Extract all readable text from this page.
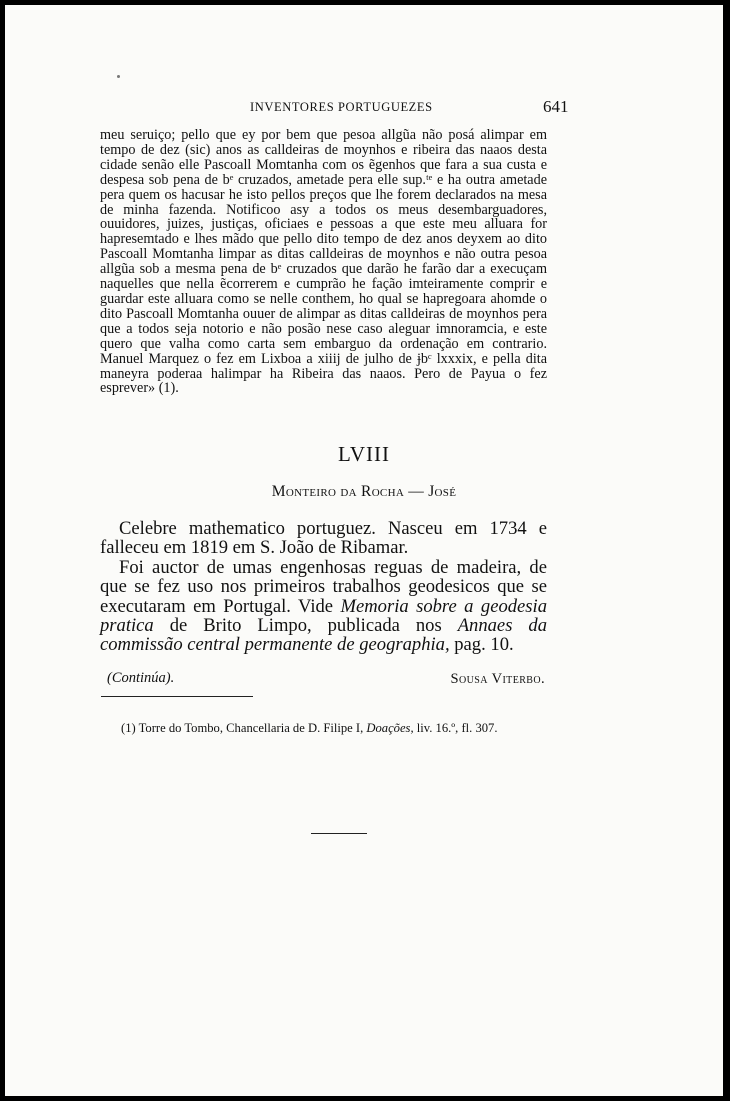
INVENTORES PORTUGUEZES	641

meu seruiço; pello que ey por bem que pesoa allgũa não posá alimpar em tempo de dez (sic) anos as calldeiras de moynhos e ribeira das naaos desta cidade senão elle Pascoall Momtanha com os ẽgenhos que fara a sua custa e despesa sob pena de bᵉ cruzados, ametade pera elle sup.ᵗᵉ e ha outra ametade pera quem os hacusar he isto pellos preços que lhe forem declarados na mesa de minha fazenda. Notificoo asy a todos os meus desembarguadores, ouuidores, juizes, justiças, oficiaes e pessoas a que este meu alluara for hapresemtado e lhes mãdo que pello dito tempo de dez anos deyxem ao dito Pascoall Momtanha limpar as ditas calldeiras de moynhos e não outra pesoa allgũa sob a mesma pena de bᵉ cruzados que darão he farão dar a execuçam naquelles que nella ẽcorrerem e cumprão he fação imteiramente comprir e guardar este alluara como se nelle conthem, ho qual se hapregoara ahomde o dito Pascoall Momtanha ouuer de alimpar as ditas calldeiras de moynhos pera que a todos seja notorio e não posão nese caso aleguar imnoramcia, e este quero que valha como carta sem embarguo da ordenação em contrario. Manuel Marquez o fez em Lixboa a xiiij de julho de ɉbᶜ lxxxix, e pella dita maneyra poderaa halimpar ha Ribeira das naaos. Pero de Payua o fez esprever» (1).

LVIII
Monteiro da Rocha — José

Celebre mathematico portuguez. Nasceu em 1734 e falleceu em 1819 em S. João de Ribamar.

Foi auctor de umas engenhosas reguas de madeira, de que se fez uso nos primeiros trabalhos geodesicos que se executaram em Portugal. Vide Memoria sobre a geodesia pratica de Brito Limpo, publicada nos Annaes da commissão central permanente de geographia, pag. 10.

(Continúa).	Sousa Viterbo.
(1) Torre do Tombo, Chancellaria de D. Filipe I, Doações, liv. 16.º, fl. 307.
